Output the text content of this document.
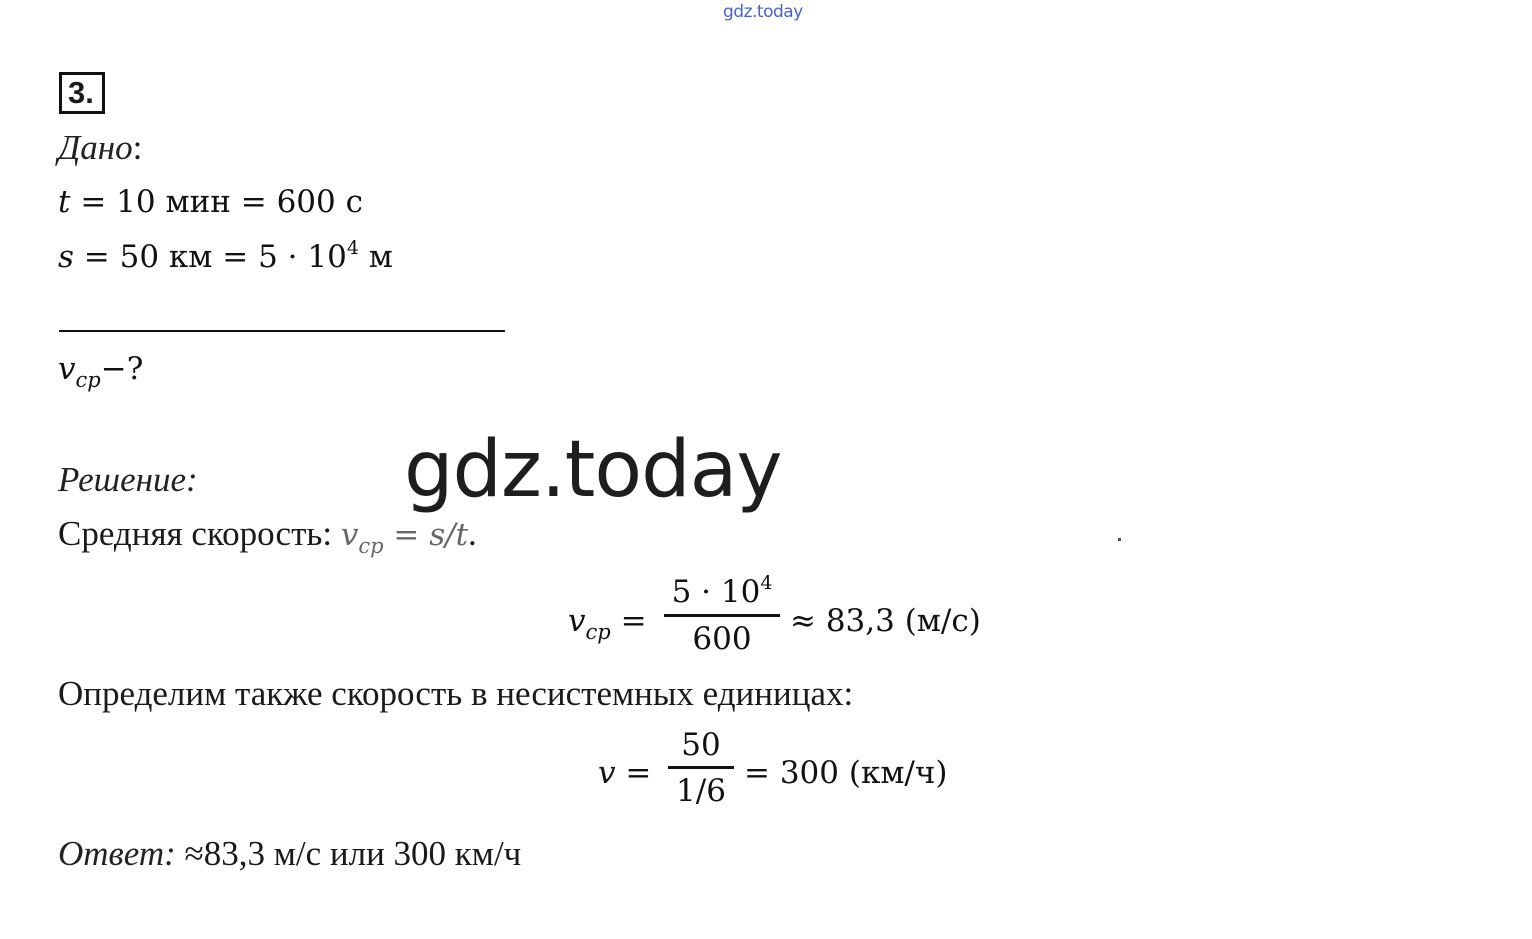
gdz.today
3.
Дано:
t = 10 мин = 600 с
s = 50 км = $5 \cdot 10^4$ м
$v_{ср}-$?
gdz.today
Решение:
Средняя скорость: $v_{ср} = s/t$.
$v_{ср}$ =
$5 \cdot 10^4$
600	≈ 83,3 (м/с)
Определим также скорость в несистемных единицах:
v =
50
1/6 = 300 (км/ч)
Ответ: ≈83,3 м/с или 300 км/ч
